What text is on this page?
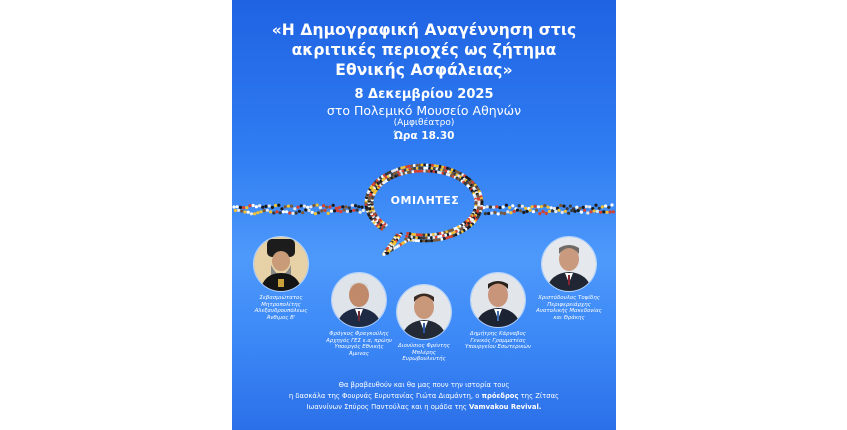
«Η Δημογραφική Αναγέννηση στις
ακριτικές περιοχές ως ζήτημα
Εθνικής Ασφάλειας»
8 Δεκεμβρίου 2025
στο Πολεμικό Μουσείο Αθηνών
(Αμφιθέατρο)
Ώρα 18.30
ΟΜΙΛΗΤΕΣ
Σεβασμιώτατος
Μητροπολίτης
Αλεξανδρουπόλεως
Άνθιμος Β'
Φράγκος Φραγκούλης
Αρχηγός ΓΕΣ ε.α, πρώην
Υπουργός Εθνικής
Άμυνας
Διονύσιος Φρέντης
Μπλέρης
Ευρωβουλευτής
Δημήτρης Κάρναβος
Γενικός Γραμματέας
Υπουργείου Εσωτερικών
Χριστόδουλος Τοψίδης
Περιφερειάρχης
Ανατολικής Μακεδονίας
και Θράκης
Θα βραβευθούν και θα μας πουν την ιστορία τους
η δασκάλα της Φουρνάς Ευρυτανίας Γιώτα Διαμάντη, ο πρόεδρος της Ζίτσας
Ιωαννίνων Σπύρος Παντούλας και η ομάδα της Vamvakou Revival.
